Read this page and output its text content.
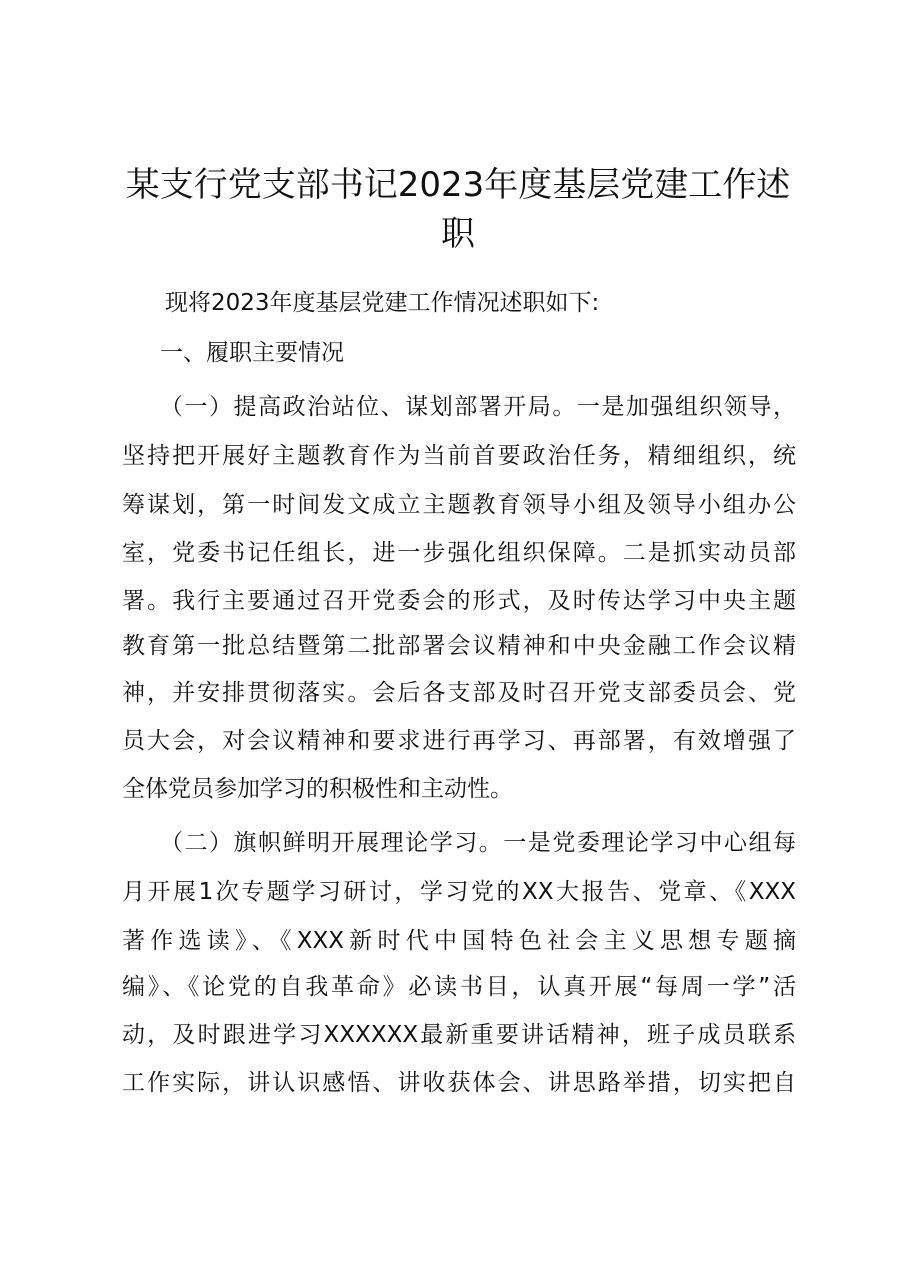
某支行党支部书记2023年度基层党建工作述
职

现将2023年度基层党建工作情况述职如下:

一、履职主要情况

（一）提高政治站位、谋划部署开局。一是加强组织领导，

坚持把开展好主题教育作为当前首要政治任务，精细组织，统

筹谋划，第一时间发文成立主题教育领导小组及领导小组办公

室，党委书记任组长，进一步强化组织保障。二是抓实动员部

署。我行主要通过召开党委会的形式，及时传达学习中央主题

教育第一批总结暨第二批部署会议精神和中央金融工作会议精

神，并安排贯彻落实。会后各支部及时召开党支部委员会、党

员大会，对会议精神和要求进行再学习、再部署，有效增强了

全体党员参加学习的积极性和主动性。

（二）旗帜鲜明开展理论学习。一是党委理论学习中心组每

月开展1次专题学习研讨，学习党的XX大报告、党章、《XXX

著作选读》、《XXX新时代中国特色社会主义思想专题摘

编》、《论党的自我革命》必读书目，认真开展“每周一学”活

动，及时跟进学习XXXXXX最新重要讲话精神，班子成员联系

工作实际，讲认识感悟、讲收获体会、讲思路举措，切实把自
